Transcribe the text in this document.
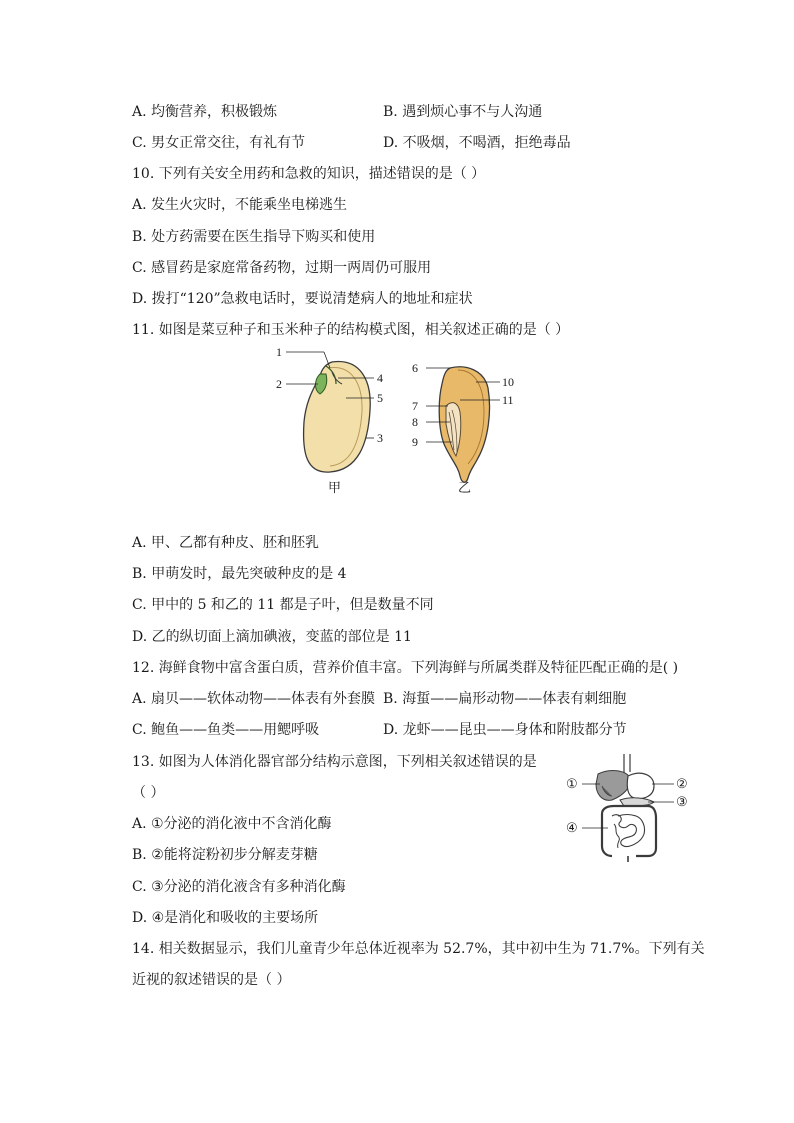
A. 均衡营养，积极锻炼	B. 遇到烦心事不与人沟通
C. 男女正常交往，有礼有节	D. 不吸烟，不喝酒，拒绝毒品
10. 下列有关安全用药和急救的知识，描述错误的是（ ）
A. 发生火灾时，不能乘坐电梯逃生
B. 处方药需要在医生指导下购买和使用
C. 感冒药是家庭常备药物，过期一两周仍可服用
D. 拨打“120”急救电话时，要说清楚病人的地址和症状
11. 如图是菜豆种子和玉米种子的结构模式图，相关叙述正确的是（ ）
1
2	4
5
3
甲
6
10
11
7
8
9
乙
A. 甲、乙都有种皮、胚和胚乳
B. 甲萌发时，最先突破种皮的是 4
C. 甲中的 5 和乙的 11 都是子叶，但是数量不同
D. 乙的纵切面上滴加碘液，变蓝的部位是 11
12. 海鲜食物中富含蛋白质，营养价值丰富。下列海鲜与所属类群及特征匹配正确的是( )
A. 扇贝——软体动物——体表有外套膜 B. 海蜇——扁形动物——体表有刺细胞
C. 鲍鱼——鱼类——用鳃呼吸	D. 龙虾——昆虫——身体和附肢都分节
13. 如图为人体消化器官部分结构示意图，下列相关叙述错误的是
（ ）
①	②
③
④
A. ①分泌的消化液中不含消化酶
B. ②能将淀粉初步分解麦芽糖
C. ③分泌的消化液含有多种消化酶
D. ④是消化和吸收的主要场所
14. 相关数据显示，我们儿童青少年总体近视率为 52.7%，其中初中生为 71.7%。下列有关
近视的叙述错误的是（ ）
